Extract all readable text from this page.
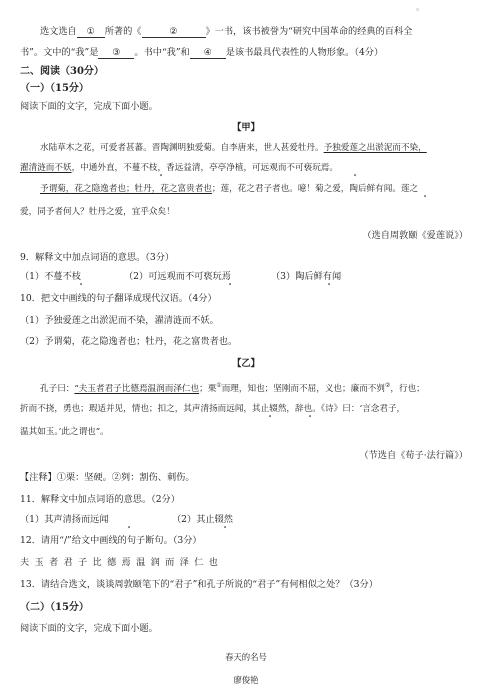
。
选文选自 ① 所著的《	②	》一书，该书被誉为“研究中国革命的经典的百科全
书”。文中的“我”是 ③ 。书中“我”和 ④ 是该书最具代表性的人物形象。（4分）
二、阅读（30分）
（一）（15分）
阅读下面的文字，完成下面小题。
【甲】
水陆草木之花，可爱者甚蕃。晋陶渊明独爱菊。自李唐来，世人甚爱牡丹。予独爱莲之出淤泥而不染，
濯清涟而不妖，中通外直，不蔓不枝，香远益清，亭亭净植，可远观而不可亵玩焉。
•	•
予谓菊，花之隐逸者也；牡丹，花之富贵者也；莲，花之君子者也。噫！菊之爱，陶后鲜有闻。莲之
•
爱，同予者何人？牡丹之爱，宜乎众矣！
（选自周敦颐《爱莲说》）
9．解释文中加点词语的意思。（3分）
（1）不蔓不枝	（2）可远观而不可亵玩焉	（3）陶后鲜有闻
•	•	•
10．把文中画线的句子翻译成现代汉语。（4分）
（1）予独爱莲之出淤泥而不染，濯清涟而不妖。
（2）予谓菊，花之隐逸者也；牡丹，花之富贵者也。
【乙】
孔子曰：“夫玉者君子比德焉温润而泽仁也；栗①而理，知也；坚刚而不屈，义也；廉而不刿②，行也；
折而不挠，勇也；瑕适并见，情也；扣之，其声清扬而远闻，其止辍然，辞也。《诗》曰：‘言念君子，
•	•
温其如玉。’此之谓也”。
（节选自《荀子·法行篇》）
【注释】①栗：坚硬。②刿：割伤、刺伤。
11．解释文中加点词语的意思。（2分）
（1）其声清扬而远闻	（2）其止辍然
•	•
12．请用“/”给文中画线的句子断句。（3分）
夫 玉 者 君 子 比 德 焉 温 润 而 泽 仁 也
13．请结合选文，谈谈周敦颐笔下的“君子”和孔子所说的“君子”有何相似之处？（3分）
（二）（15分）
阅读下面的文字，完成下面小题。
春天的名号
廖俊艳
